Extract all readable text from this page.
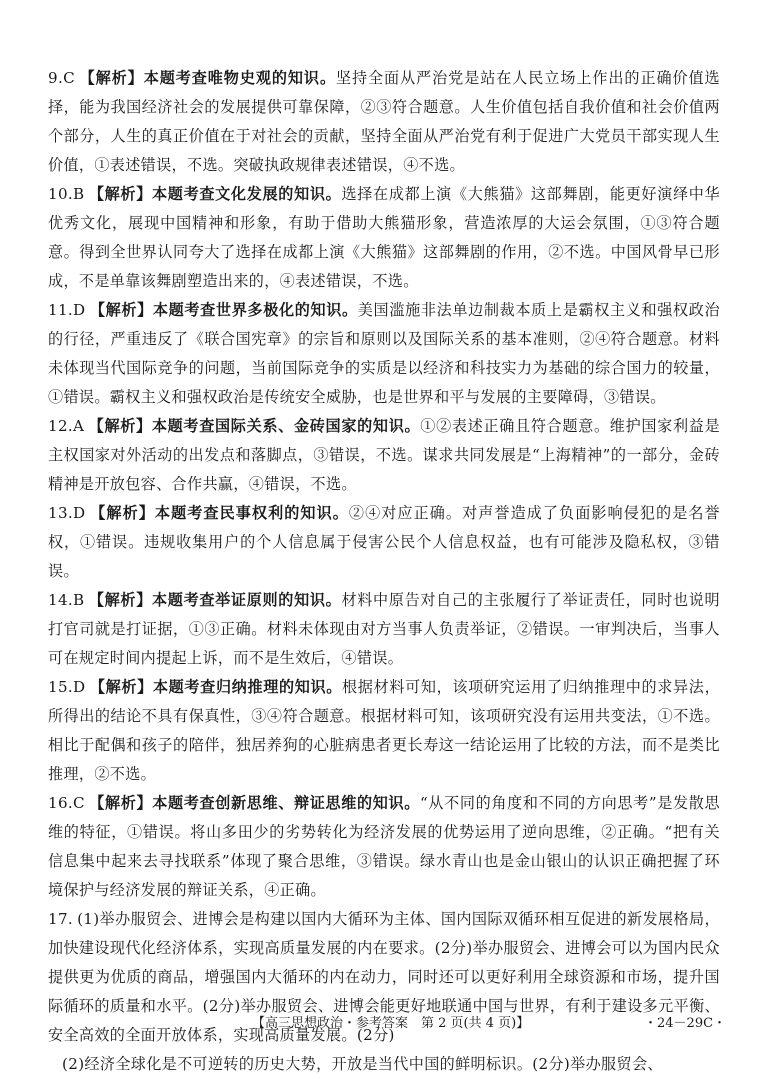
9.C 【解析】本题考查唯物史观的知识。坚持全面从严治党是站在人民立场上作出的正确价值选择，能为我国经济社会的发展提供可靠保障，②③符合题意。人生价值包括自我价值和社会价值两个部分，人生的真正价值在于对社会的贡献，坚持全面从严治党有利于促进广大党员干部实现人生价值，①表述错误，不选。突破执政规律表述错误，④不选。
10.B 【解析】本题考查文化发展的知识。选择在成都上演《大熊猫》这部舞剧，能更好演绎中华优秀文化，展现中国精神和形象，有助于借助大熊猫形象，营造浓厚的大运会氛围，①③符合题意。得到全世界认同夸大了选择在成都上演《大熊猫》这部舞剧的作用，②不选。中国风骨早已形成，不是单靠该舞剧塑造出来的，④表述错误，不选。
11.D 【解析】本题考查世界多极化的知识。美国滥施非法单边制裁本质上是霸权主义和强权政治的行径，严重违反了《联合国宪章》的宗旨和原则以及国际关系的基本准则，②④符合题意。材料未体现当代国际竞争的问题，当前国际竞争的实质是以经济和科技实力为基础的综合国力的较量，①错误。霸权主义和强权政治是传统安全威胁，也是世界和平与发展的主要障碍，③错误。
12.A 【解析】本题考查国际关系、金砖国家的知识。①②表述正确且符合题意。维护国家利益是主权国家对外活动的出发点和落脚点，③错误，不选。谋求共同发展是“上海精神”的一部分，金砖精神是开放包容、合作共赢，④错误，不选。
13.D 【解析】本题考查民事权利的知识。②④对应正确。对声誉造成了负面影响侵犯的是名誉权，①错误。违规收集用户的个人信息属于侵害公民个人信息权益，也有可能涉及隐私权，③错误。
14.B 【解析】本题考查举证原则的知识。材料中原告对自己的主张履行了举证责任，同时也说明打官司就是打证据，①③正确。材料未体现由对方当事人负责举证，②错误。一审判决后，当事人可在规定时间内提起上诉，而不是生效后，④错误。
15.D 【解析】本题考查归纳推理的知识。根据材料可知，该项研究运用了归纳推理中的求异法，所得出的结论不具有保真性，③④符合题意。根据材料可知，该项研究没有运用共变法，①不选。相比于配偶和孩子的陪伴，独居养狗的心脏病患者更长寿这一结论运用了比较的方法，而不是类比推理，②不选。
16.C 【解析】本题考查创新思维、辩证思维的知识。“从不同的角度和不同的方向思考”是发散思维的特征，①错误。将山多田少的劣势转化为经济发展的优势运用了逆向思维，②正确。“把有关信息集中起来去寻找联系”体现了聚合思维，③错误。绿水青山也是金山银山的认识正确把握了环境保护与经济发展的辩证关系，④正确。
17. (1)举办服贸会、进博会是构建以国内大循环为主体、国内国际双循环相互促进的新发展格局，加快建设现代化经济体系，实现高质量发展的内在要求。(2分)举办服贸会、进博会可以为国内民众提供更为优质的商品，增强国内大循环的内在动力，同时还可以更好利用全球资源和市场，提升国际循环的质量和水平。(2分)举办服贸会、进博会能更好地联通中国与世界，有利于建设多元平衡、安全高效的全面开放体系，实现高质量发展。(2分)
(2)经济全球化是不可逆转的历史大势，开放是当代中国的鲜明标识。(2分)举办服贸会、
【高三思想政治・参考答案　第 2 页(共 4 页)】	・24－29C・
